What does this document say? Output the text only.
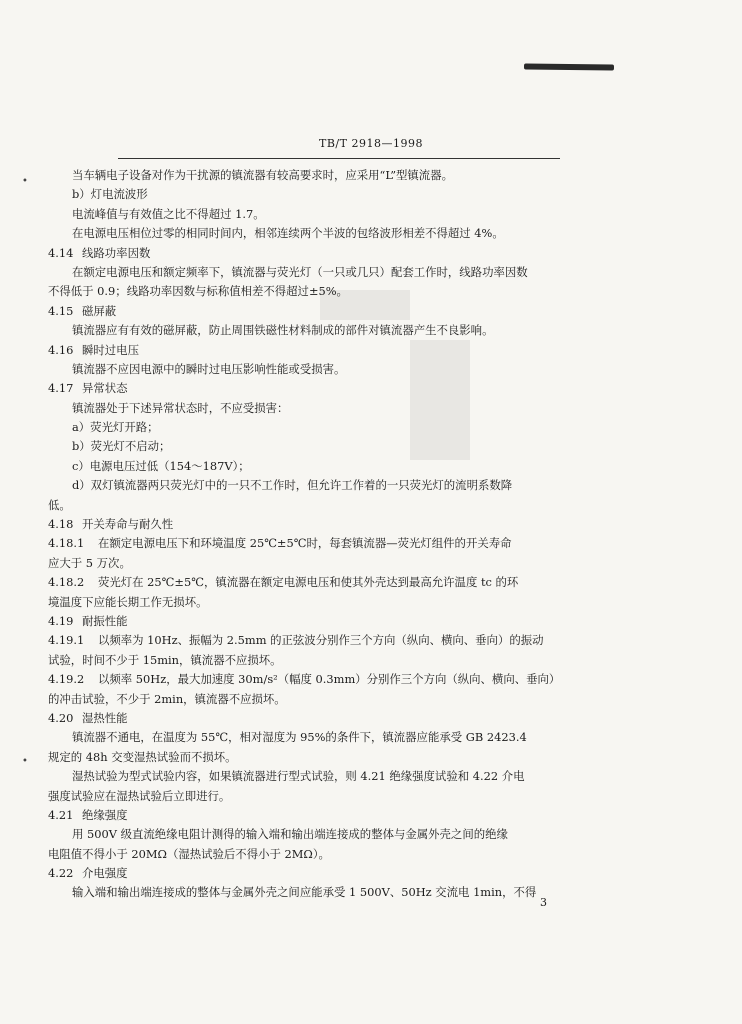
TB/T 2918—1998
•
•
当车辆电子设备对作为干扰源的镇流器有较高要求时，应采用“L”型镇流器。
b）灯电流波形
电流峰值与有效值之比不得超过 1.7。
在电源电压相位过零的相同时间内，相邻连续两个半波的包络波形相差不得超过 4%。
4.14 线路功率因数
在额定电源电压和额定频率下，镇流器与荧光灯（一只或几只）配套工作时，线路功率因数
不得低于 0.9；线路功率因数与标称值相差不得超过±5%。
4.15 磁屏蔽
镇流器应有有效的磁屏蔽，防止周围铁磁性材料制成的部件对镇流器产生不良影响。
4.16 瞬时过电压
镇流器不应因电源中的瞬时过电压影响性能或受损害。
4.17 异常状态
镇流器处于下述异常状态时，不应受损害：
a）荧光灯开路；
b）荧光灯不启动；
c）电源电压过低（154～187V）；
d）双灯镇流器两只荧光灯中的一只不工作时，但允许工作着的一只荧光灯的流明系数降
低。
4.18 开关寿命与耐久性
4.18.1 在额定电源电压下和环境温度 25℃±5℃时，每套镇流器—荧光灯组件的开关寿命
应大于 5 万次。
4.18.2 荧光灯在 25℃±5℃，镇流器在额定电源电压和使其外壳达到最高允许温度 tc 的环
境温度下应能长期工作无损坏。
4.19 耐振性能
4.19.1 以频率为 10Hz、振幅为 2.5mm 的正弦波分别作三个方向（纵向、横向、垂向）的振动
试验，时间不少于 15min，镇流器不应损坏。
4.19.2 以频率 50Hz，最大加速度 30m/s²（幅度 0.3mm）分别作三个方向（纵向、横向、垂向）
的冲击试验，不少于 2min，镇流器不应损坏。
4.20 湿热性能
镇流器不通电，在温度为 55℃，相对湿度为 95%的条件下，镇流器应能承受 GB 2423.4
规定的 48h 交变湿热试验而不损坏。
湿热试验为型式试验内容，如果镇流器进行型式试验，则 4.21 绝缘强度试验和 4.22 介电
强度试验应在湿热试验后立即进行。
4.21 绝缘强度
用 500V 级直流绝缘电阻计测得的输入端和输出端连接成的整体与金属外壳之间的绝缘
电阻值不得小于 20MΩ（湿热试验后不得小于 2MΩ）。
4.22 介电强度
输入端和输出端连接成的整体与金属外壳之间应能承受 1 500V、50Hz 交流电 1min，不得
3
